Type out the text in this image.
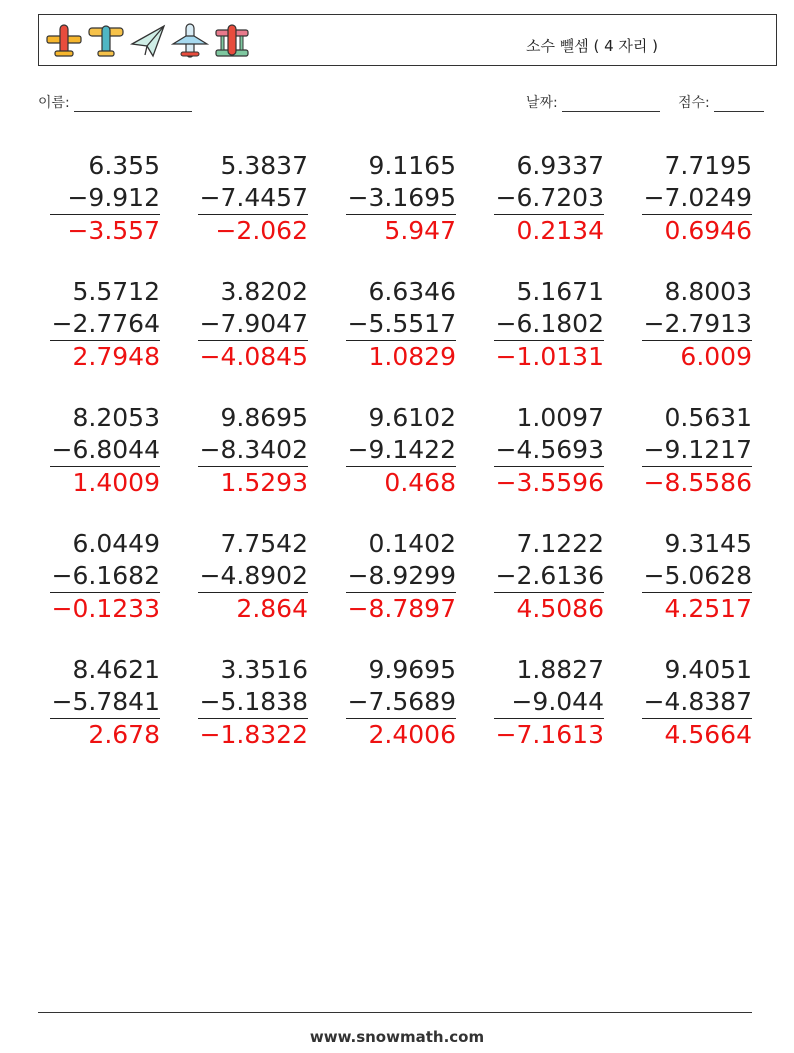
소수 뺄셈 ( 4 자리 )
이름:	날짜:	점수:
6.355
−9.912
−3.557
5.3837
−7.4457
−2.062
9.1165
−3.1695
5.947
6.9337
−6.7203
0.2134
7.7195
−7.0249
0.6946
5.5712
−2.7764
2.7948
3.8202
−7.9047
−4.0845
6.6346
−5.5517
1.0829
5.1671
−6.1802
−1.0131
8.8003
−2.7913
6.009
8.2053
−6.8044
1.4009
9.8695
−8.3402
1.5293
9.6102
−9.1422
0.468
1.0097
−4.5693
−3.5596
0.5631
−9.1217
−8.5586
6.0449
−6.1682
−0.1233
7.7542
−4.8902
2.864
0.1402
−8.9299
−8.7897
7.1222
−2.6136
4.5086
9.3145
−5.0628
4.2517
8.4621
−5.7841
2.678
3.3516
−5.1838
−1.8322
9.9695
−7.5689
2.4006
1.8827
−9.044
−7.1613
9.4051
−4.8387
4.5664
www.snowmath.com
